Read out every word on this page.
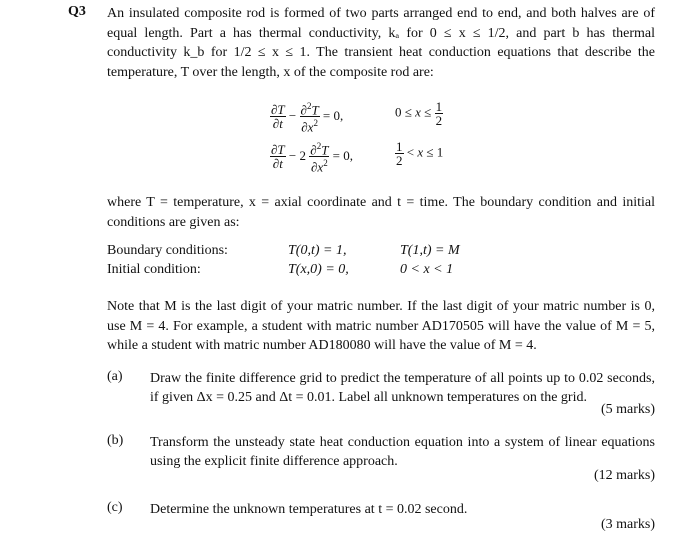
Q3 An insulated composite rod is formed of two parts arranged end to end, and both halves are of equal length. Part a has thermal conductivity, kₐ for 0 ≤ x ≤ 1/2, and part b has thermal conductivity k_b for 1/2 ≤ x ≤ 1. The transient heat conduction equations that describe the temperature, T over the length, x of the composite rod are:
$\frac{\partial T}{\partial t} - \frac{\partial^2T}{\partial x^2} = 0$,	$0 \le x \le \frac{1}{2}$
$\frac{\partial T}{\partial t} - 2 \frac{\partial^2T}{\partial x^2} = 0$,	$\frac{1}{2} < x \le 1$
where T = temperature, x = axial coordinate and t = time. The boundary condition and initial conditions are given as:
Boundary conditions:	T(0,t) = 1,	T(1,t) = M
Initial condition:	T(x,0) = 0,	0 < x < 1
Note that M is the last digit of your matric number. If the last digit of your matric number is 0, use M = 4. For example, a student with matric number AD170505 will have the value of M = 5, while a student with matric number AD180080 will have the value of M = 4.
(a) Draw the finite difference grid to predict the temperature of all points up to 0.02 seconds, if given Δx = 0.25 and Δt = 0.01. Label all unknown temperatures on the grid.
(5 marks)
(b) Transform the unsteady state heat conduction equation into a system of linear equations using the explicit finite difference approach.
(12 marks)
(c) Determine the unknown temperatures at t = 0.02 second.
(3 marks)
